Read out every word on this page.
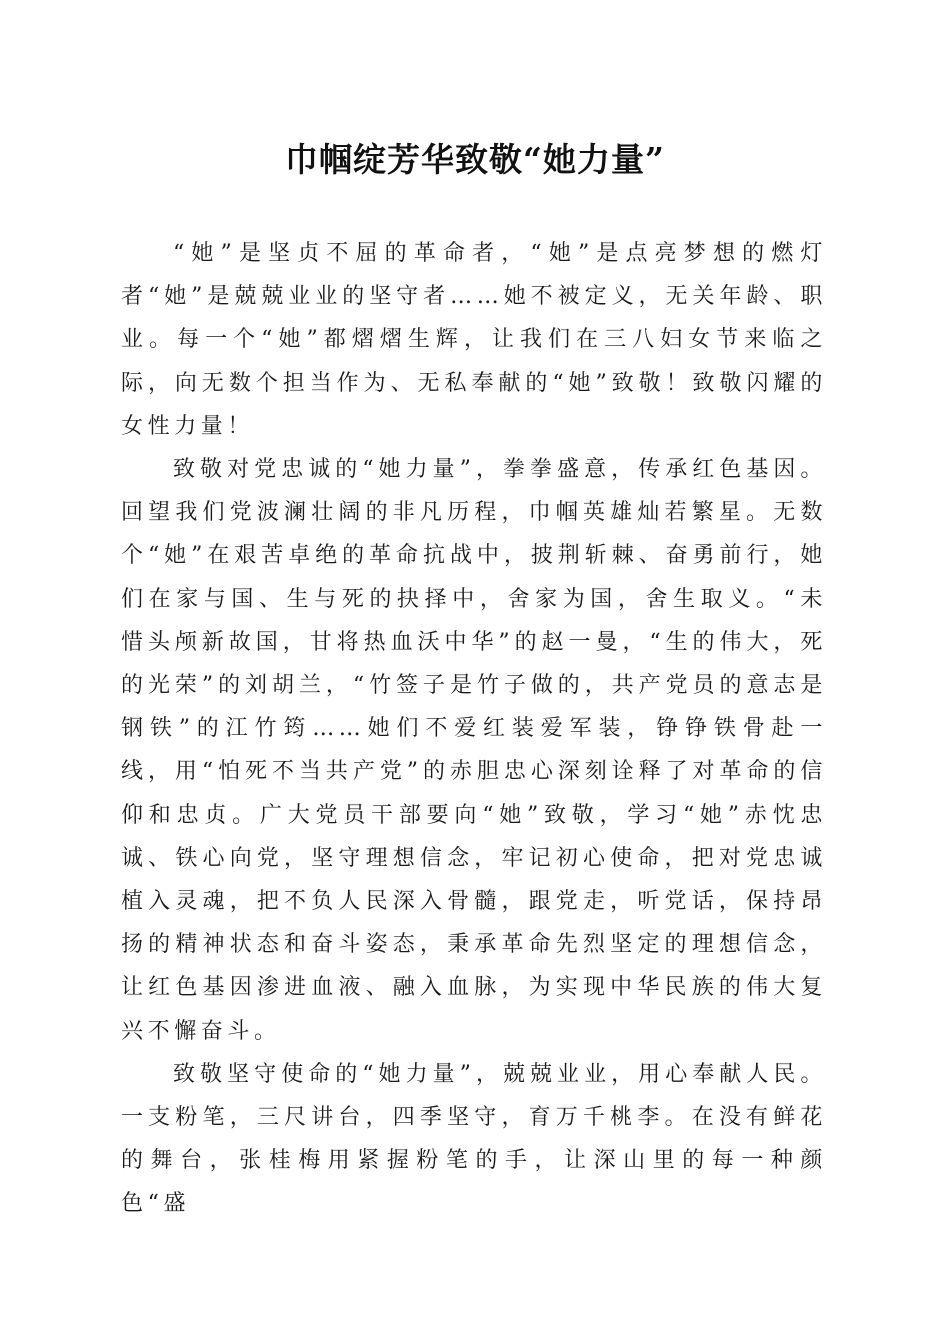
巾帼绽芳华致敬“她力量”

“她”是坚贞不屈的革命者，“她”是点亮梦想的燃灯者“她”是兢兢业业的坚守者……她不被定义，无关年龄、职业。每一个“她”都熠熠生辉，让我们在三八妇女节来临之际，向无数个担当作为、无私奉献的“她”致敬！致敬闪耀的女性力量！

致敬对党忠诚的“她力量”，拳拳盛意，传承红色基因。回望我们党波澜壮阔的非凡历程，巾帼英雄灿若繁星。无数个“她”在艰苦卓绝的革命抗战中，披荆斩棘、奋勇前行，她们在家与国、生与死的抉择中，舍家为国，舍生取义。“未惜头颅新故国，甘将热血沃中华”的赵一曼，“生的伟大，死的光荣”的刘胡兰，“竹签子是竹子做的，共产党员的意志是钢铁”的江竹筠……她们不爱红装爱军装，铮铮铁骨赴一线，用“怕死不当共产党”的赤胆忠心深刻诠释了对革命的信仰和忠贞。广大党员干部要向“她”致敬，学习“她”赤忱忠诚、铁心向党，坚守理想信念，牢记初心使命，把对党忠诚植入灵魂，把不负人民深入骨髓，跟党走，听党话，保持昂扬的精神状态和奋斗姿态，秉承革命先烈坚定的理想信念，让红色基因渗进血液、融入血脉，为实现中华民族的伟大复兴不懈奋斗。

致敬坚守使命的“她力量”，兢兢业业，用心奉献人民。一支粉笔，三尺讲台，四季坚守，育万千桃李。在没有鲜花的舞台，张桂梅用紧握粉笔的手，让深山里的每一种颜色“盛
